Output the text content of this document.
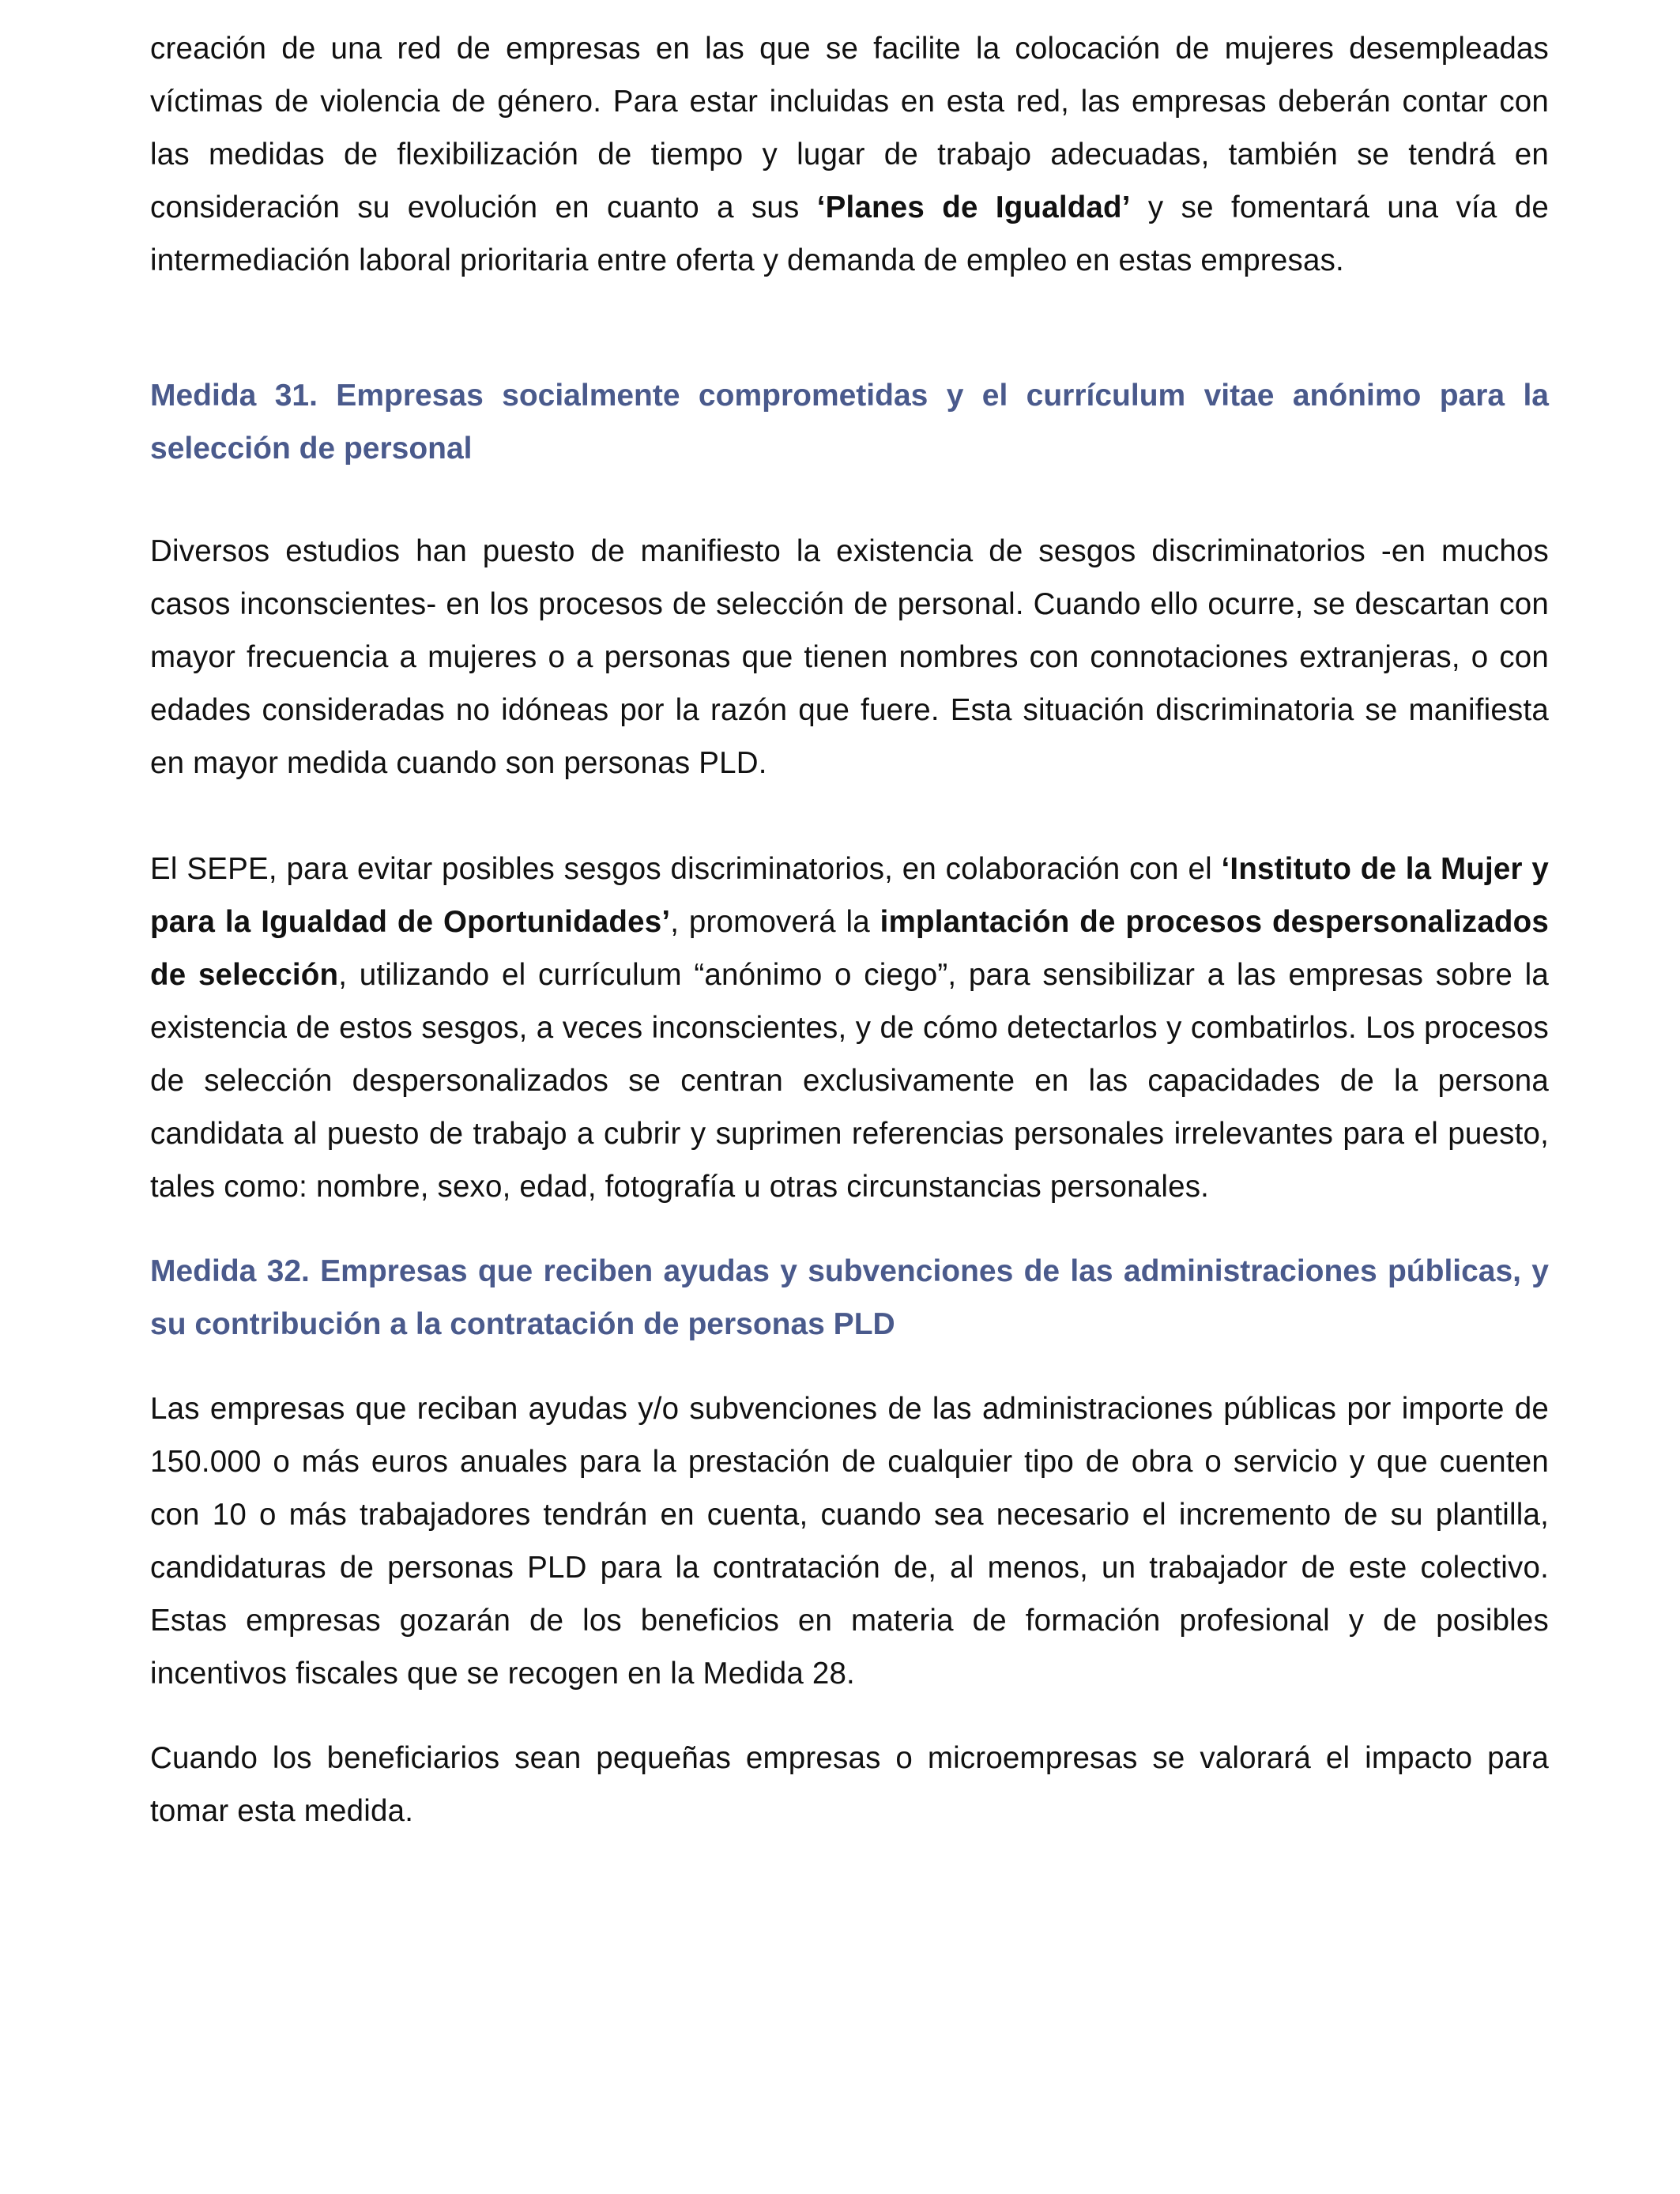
creación de una red de empresas en las que se facilite la colocación de mujeres desempleadas víctimas de violencia de género. Para estar incluidas en esta red, las empresas deberán contar con las medidas de flexibilización de tiempo y lugar de trabajo adecuadas, también se tendrá en consideración su evolución en cuanto a sus ‘Planes de Igualdad’ y se fomentará una vía de intermediación laboral prioritaria entre oferta y demanda de empleo en estas empresas.

Medida 31. Empresas socialmente comprometidas y el currículum vitae anónimo para la selección de personal

Diversos estudios han puesto de manifiesto la existencia de sesgos discriminatorios -en muchos casos inconscientes- en los procesos de selección de personal. Cuando ello ocurre, se descartan con mayor frecuencia a mujeres o a personas que tienen nombres con connotaciones extranjeras, o con edades consideradas no idóneas por la razón que fuere. Esta situación discriminatoria se manifiesta en mayor medida cuando son personas PLD.

El SEPE, para evitar posibles sesgos discriminatorios, en colaboración con el ‘Instituto de la Mujer y para la Igualdad de Oportunidades’, promoverá la implantación de procesos despersonalizados de selección, utilizando el currículum “anónimo o ciego”, para sensibilizar a las empresas sobre la existencia de estos sesgos, a veces inconscientes, y de cómo detectarlos y combatirlos. Los procesos de selección despersonalizados se centran exclusivamente en las capacidades de la persona candidata al puesto de trabajo a cubrir y suprimen referencias personales irrelevantes para el puesto, tales como: nombre, sexo, edad, fotografía u otras circunstancias personales.

Medida 32. Empresas que reciben ayudas y subvenciones de las administraciones públicas, y su contribución a la contratación de personas PLD

Las empresas que reciban ayudas y/o subvenciones de las administraciones públicas por importe de 150.000 o más euros anuales para la prestación de cualquier tipo de obra o servicio y que cuenten con 10 o más trabajadores tendrán en cuenta, cuando sea necesario el incremento de su plantilla, candidaturas de personas PLD para la contratación de, al menos, un trabajador de este colectivo. Estas empresas gozarán de los beneficios en materia de formación profesional y de posibles incentivos fiscales que se recogen en la Medida 28.

Cuando los beneficiarios sean pequeñas empresas o microempresas se valorará el impacto para tomar esta medida.
